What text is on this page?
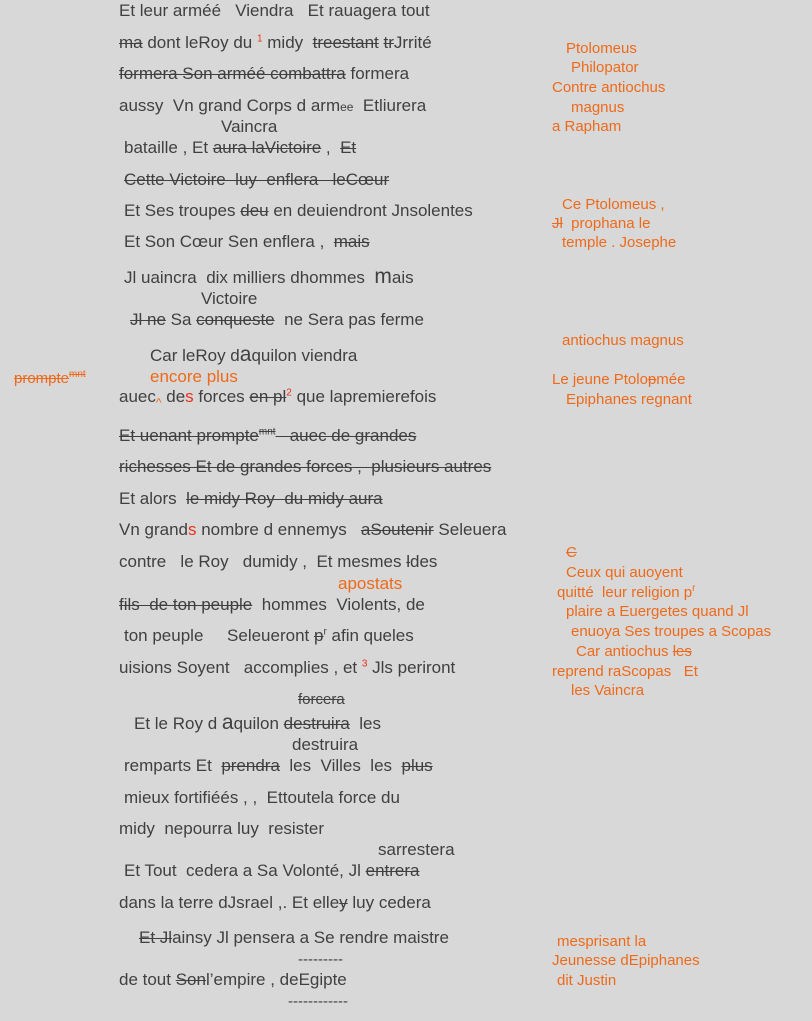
Et leur arméé   Viendra   Et rauagera tout
ma dont leRoy du $^1$ midy  treestant trJrrité
formera Son arméé combattra formera
aussy  Vn grand Corps d armee  Etliurera
Vaincra
bataille , Et aura laVictoire ,  Et
Cette Victoire  luy  enflera   leCœur
Et Ses troupes deu en deuiendront Jnsolentes
Et Son Cœur Sen enflera ,  mais
Jl uaincra  dix milliers dhommes  mais
Victoire
Jl ne Sa conqueste  ne Sera pas ferme
Car leRoy daquilon viendra
encore plus
auec$_{\^{}}$ des forces en $pl^2$ que lapremierefois
Et uenant prompte$^{mnt}$   auec de grandes
richesses Et de grandes forces ,  plusieurs autres
Et alors  le midy Roy  du midy aura
Vn grands nombre d ennemys   aSoutenir Seleuera
contre   le Roy   dumidy ,  Et mesmes ldes
apostats
fils  de ton peuple  hommes  Violents, de
ton peuple     Seleueront $p^r$ afin queles
uisions Soyent   accomplies , et $^3$ Jls periront
forcera
Et le Roy d aquilon destruira  les
destruira
remparts Et  prendra  les  Villes  les  plus
mieux fortifiéés , ,  Ettoutela force du
midy  nepourra luy  resister
sarrestera
Et Tout  cedera a Sa Volonté, Jl entrera
dans la terre dJsrael ,. Et elley luy cedera
Et Jlainsy Jl pensera a Se rendre maistre
---------
de tout Sonl’empire , deEgipte
------------
prompte$^{mnt}$
Ptolomeus
Philopator
Contre antiochus
magnus
a Rapham
Ce Ptolomeus ,
Jl  prophana le
temple . Josephe
antiochus magnus
Le jeune Ptolopmée
Epiphanes regnant
C
Ceux qui auoyent
quitté  leur religion $p^r$
plaire a Euergetes quand Jl
enuoya Ses troupes a Scopas
Car antiochus les
reprend raScopas   Et
les Vaincra
mesprisant la
Jeunesse dEpiphanes
dit Justin
